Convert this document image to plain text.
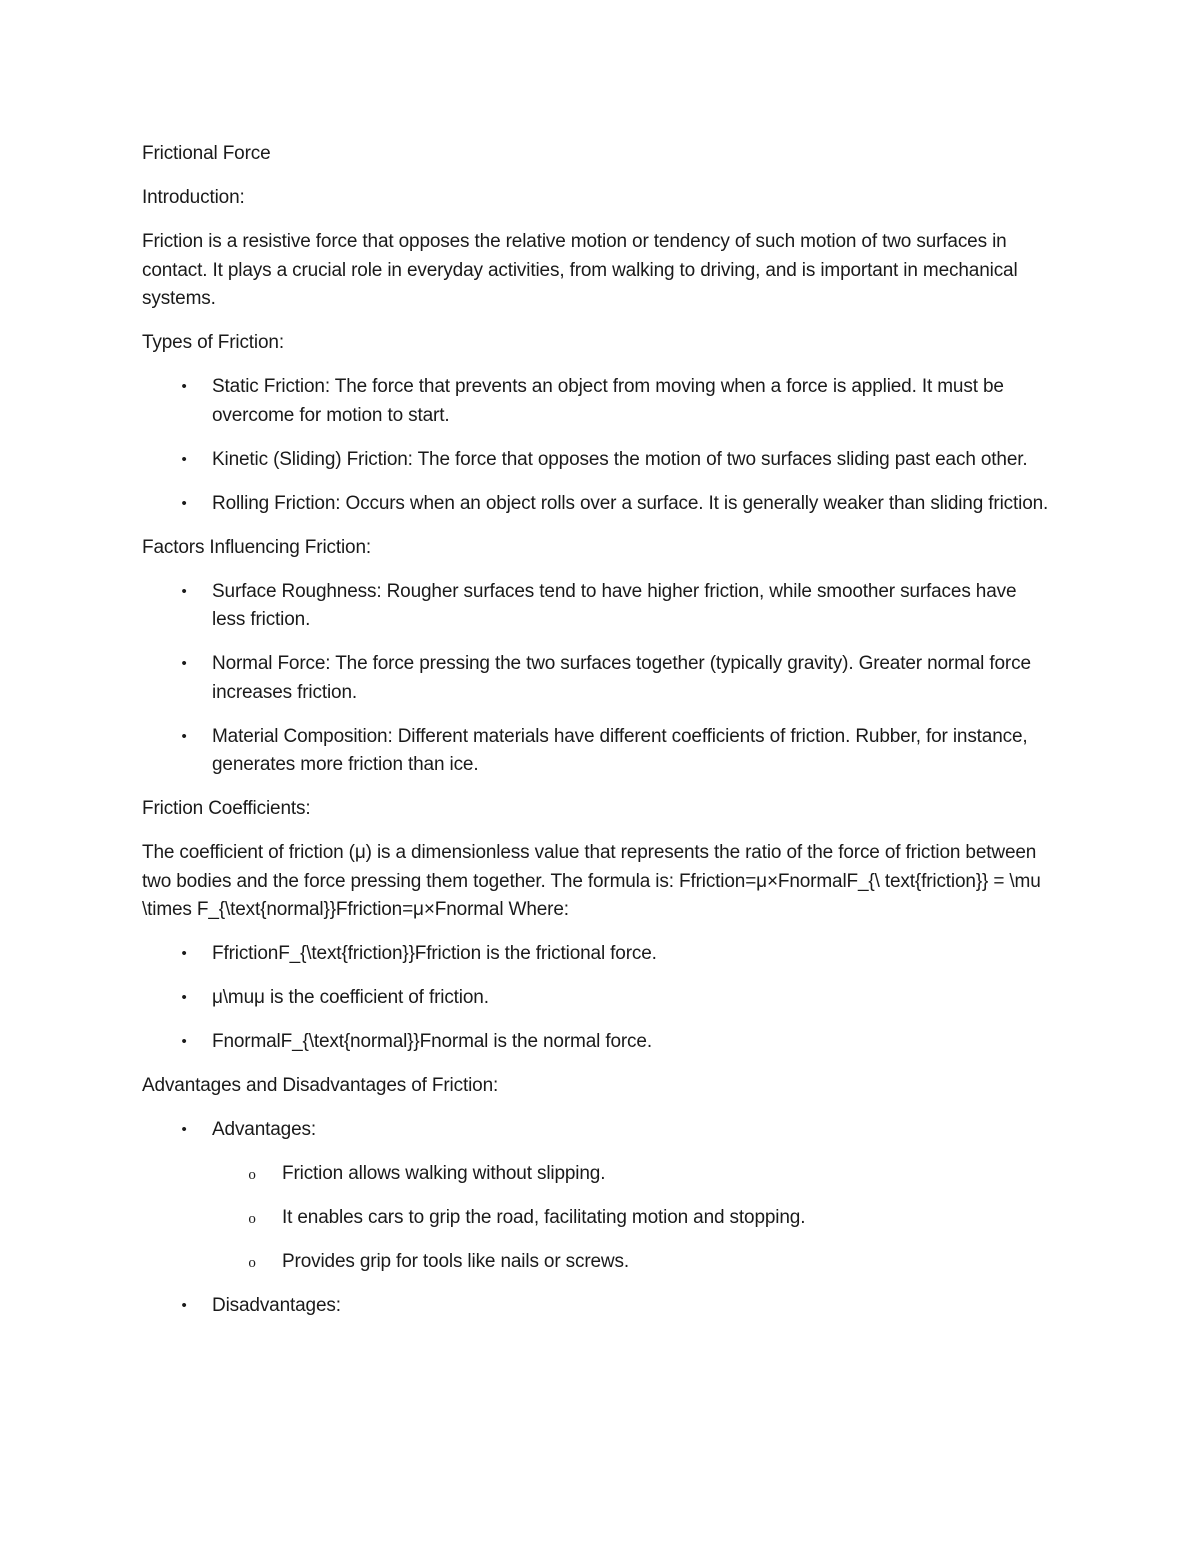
Frictional Force
Introduction:
Friction is a resistive force that opposes the relative motion or tendency of such motion of two surfaces in contact. It plays a crucial role in everyday activities, from walking to driving, and is important in mechanical systems.
Types of Friction:
•	Static Friction: The force that prevents an object from moving when a force is applied. It must be overcome for motion to start.
•	Kinetic (Sliding) Friction: The force that opposes the motion of two surfaces sliding past each other.
•	Rolling Friction: Occurs when an object rolls over a surface. It is generally weaker than sliding friction.
Factors Influencing Friction:
•	Surface Roughness: Rougher surfaces tend to have higher friction, while smoother surfaces have less friction.
•	Normal Force: The force pressing the two surfaces together (typically gravity). Greater normal force increases friction.
•	Material Composition: Different materials have different coefficients of friction. Rubber, for instance, generates more friction than ice.
Friction Coefficients:
The coefficient of friction (μ) is a dimensionless value that represents the ratio of the force of friction between two bodies and the force pressing them together. The formula is: Ffriction=μ×FnormalF_{\ text{friction}} = \mu \times F_{\text{normal}}Ffriction=μ×Fnormal Where:
•	FfrictionF_{\text{friction}}Ffriction is the frictional force.
•	μ\muμ is the coefficient of friction.
•	FnormalF_{\text{normal}}Fnormal is the normal force.
Advantages and Disadvantages of Friction:
•	Advantages:
o	Friction allows walking without slipping.
o	It enables cars to grip the road, facilitating motion and stopping.
o	Provides grip for tools like nails or screws.
•	Disadvantages:
